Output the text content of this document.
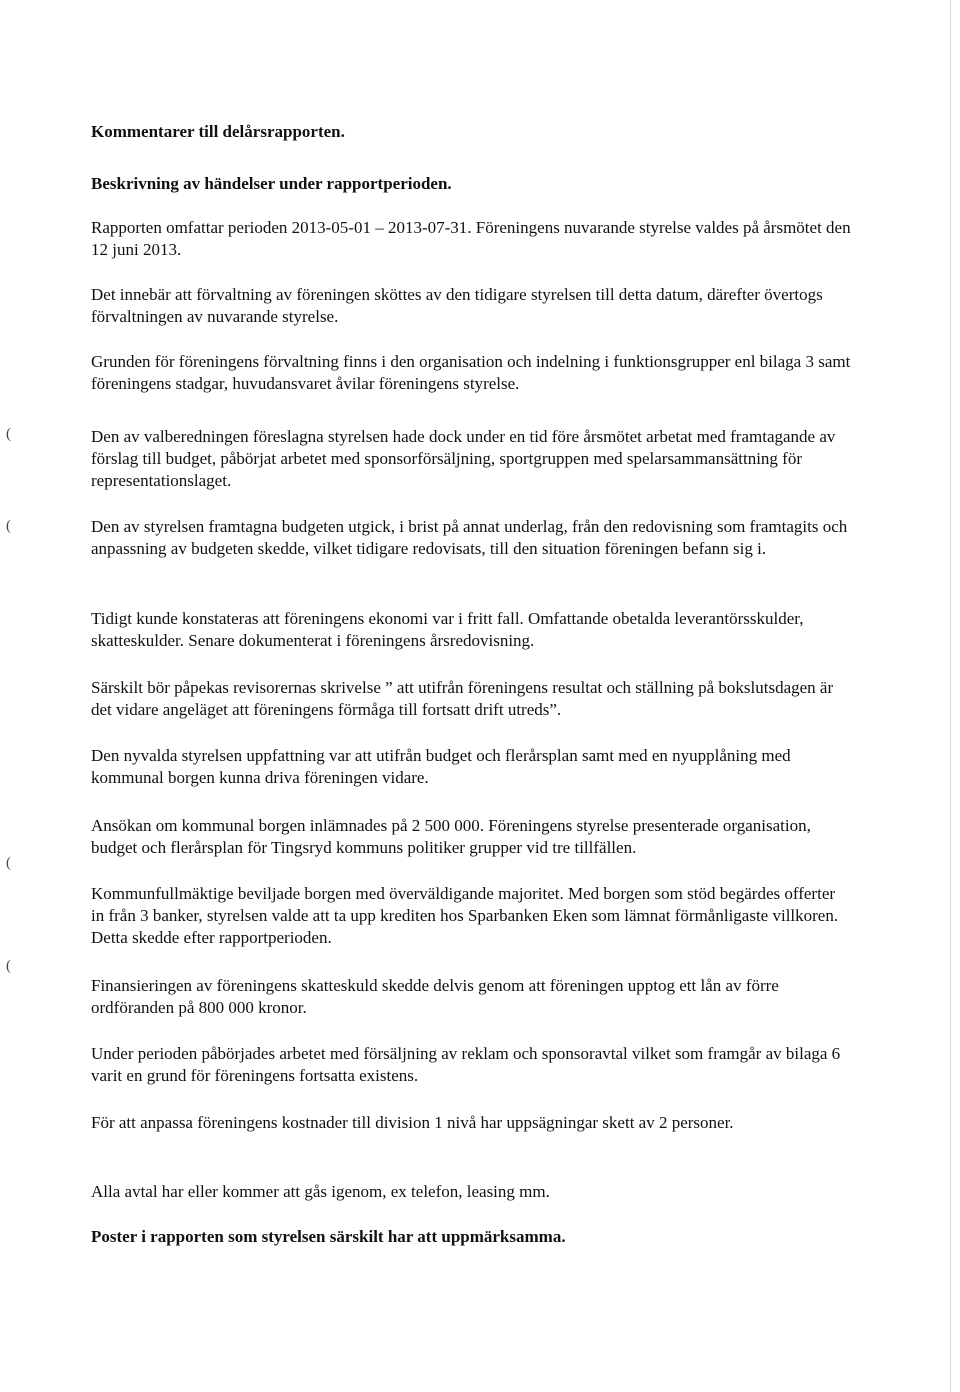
Kommentarer till delårsrapporten.
Beskrivning av händelser under rapportperioden.
Rapporten omfattar perioden 2013-05-01 – 2013-07-31. Föreningens nuvarande styrelse valdes på årsmötet den 12 juni 2013.
Det innebär att förvaltning av föreningen sköttes av den tidigare styrelsen till detta datum, därefter övertogs förvaltningen av nuvarande styrelse.
Grunden för föreningens förvaltning finns i den organisation och indelning i funktionsgrupper enl bilaga 3 samt föreningens stadgar, huvudansvaret åvilar föreningens styrelse.
Den av valberedningen föreslagna styrelsen hade dock under en tid före årsmötet arbetat med framtagande av förslag till budget, påbörjat arbetet med sponsorförsäljning, sportgruppen med spelarsammansättning för representationslaget.
Den av styrelsen framtagna budgeten utgick, i brist på annat underlag, från den redovisning som framtagits och anpassning av budgeten skedde, vilket tidigare redovisats, till den situation föreningen befann sig i.
Tidigt kunde konstateras att föreningens ekonomi var i fritt fall. Omfattande obetalda leverantörsskulder, skatteskulder. Senare dokumenterat i föreningens årsredovisning.
Särskilt bör påpekas revisorernas skrivelse ” att utifrån föreningens resultat och ställning på bokslutsdagen är det vidare angeläget att föreningens förmåga till fortsatt drift utreds”.
Den nyvalda styrelsen uppfattning var att utifrån budget och flerårsplan samt med en nyupplåning med kommunal borgen kunna driva föreningen vidare.
Ansökan om kommunal borgen inlämnades på 2 500 000. Föreningens styrelse presenterade organisation, budget och flerårsplan för Tingsryd kommuns politiker grupper vid tre tillfällen.
Kommunfullmäktige beviljade borgen med överväldigande majoritet. Med borgen som stöd begärdes offerter in från 3 banker, styrelsen valde att ta upp krediten hos Sparbanken Eken som lämnat förmånligaste villkoren. Detta skedde efter rapportperioden.
Finansieringen av föreningens skatteskuld skedde delvis genom att föreningen upptog ett lån av förre ordföranden på 800 000 kronor.
Under perioden påbörjades arbetet med försäljning av reklam och sponsoravtal vilket som framgår av bilaga 6 varit en grund för föreningens fortsatta existens.
För att anpassa föreningens kostnader till division 1 nivå har uppsägningar skett av 2 personer.
Alla avtal har eller kommer att gås igenom, ex telefon, leasing mm.
Poster i rapporten som styrelsen särskilt har att uppmärksamma.
(
(
(
(
